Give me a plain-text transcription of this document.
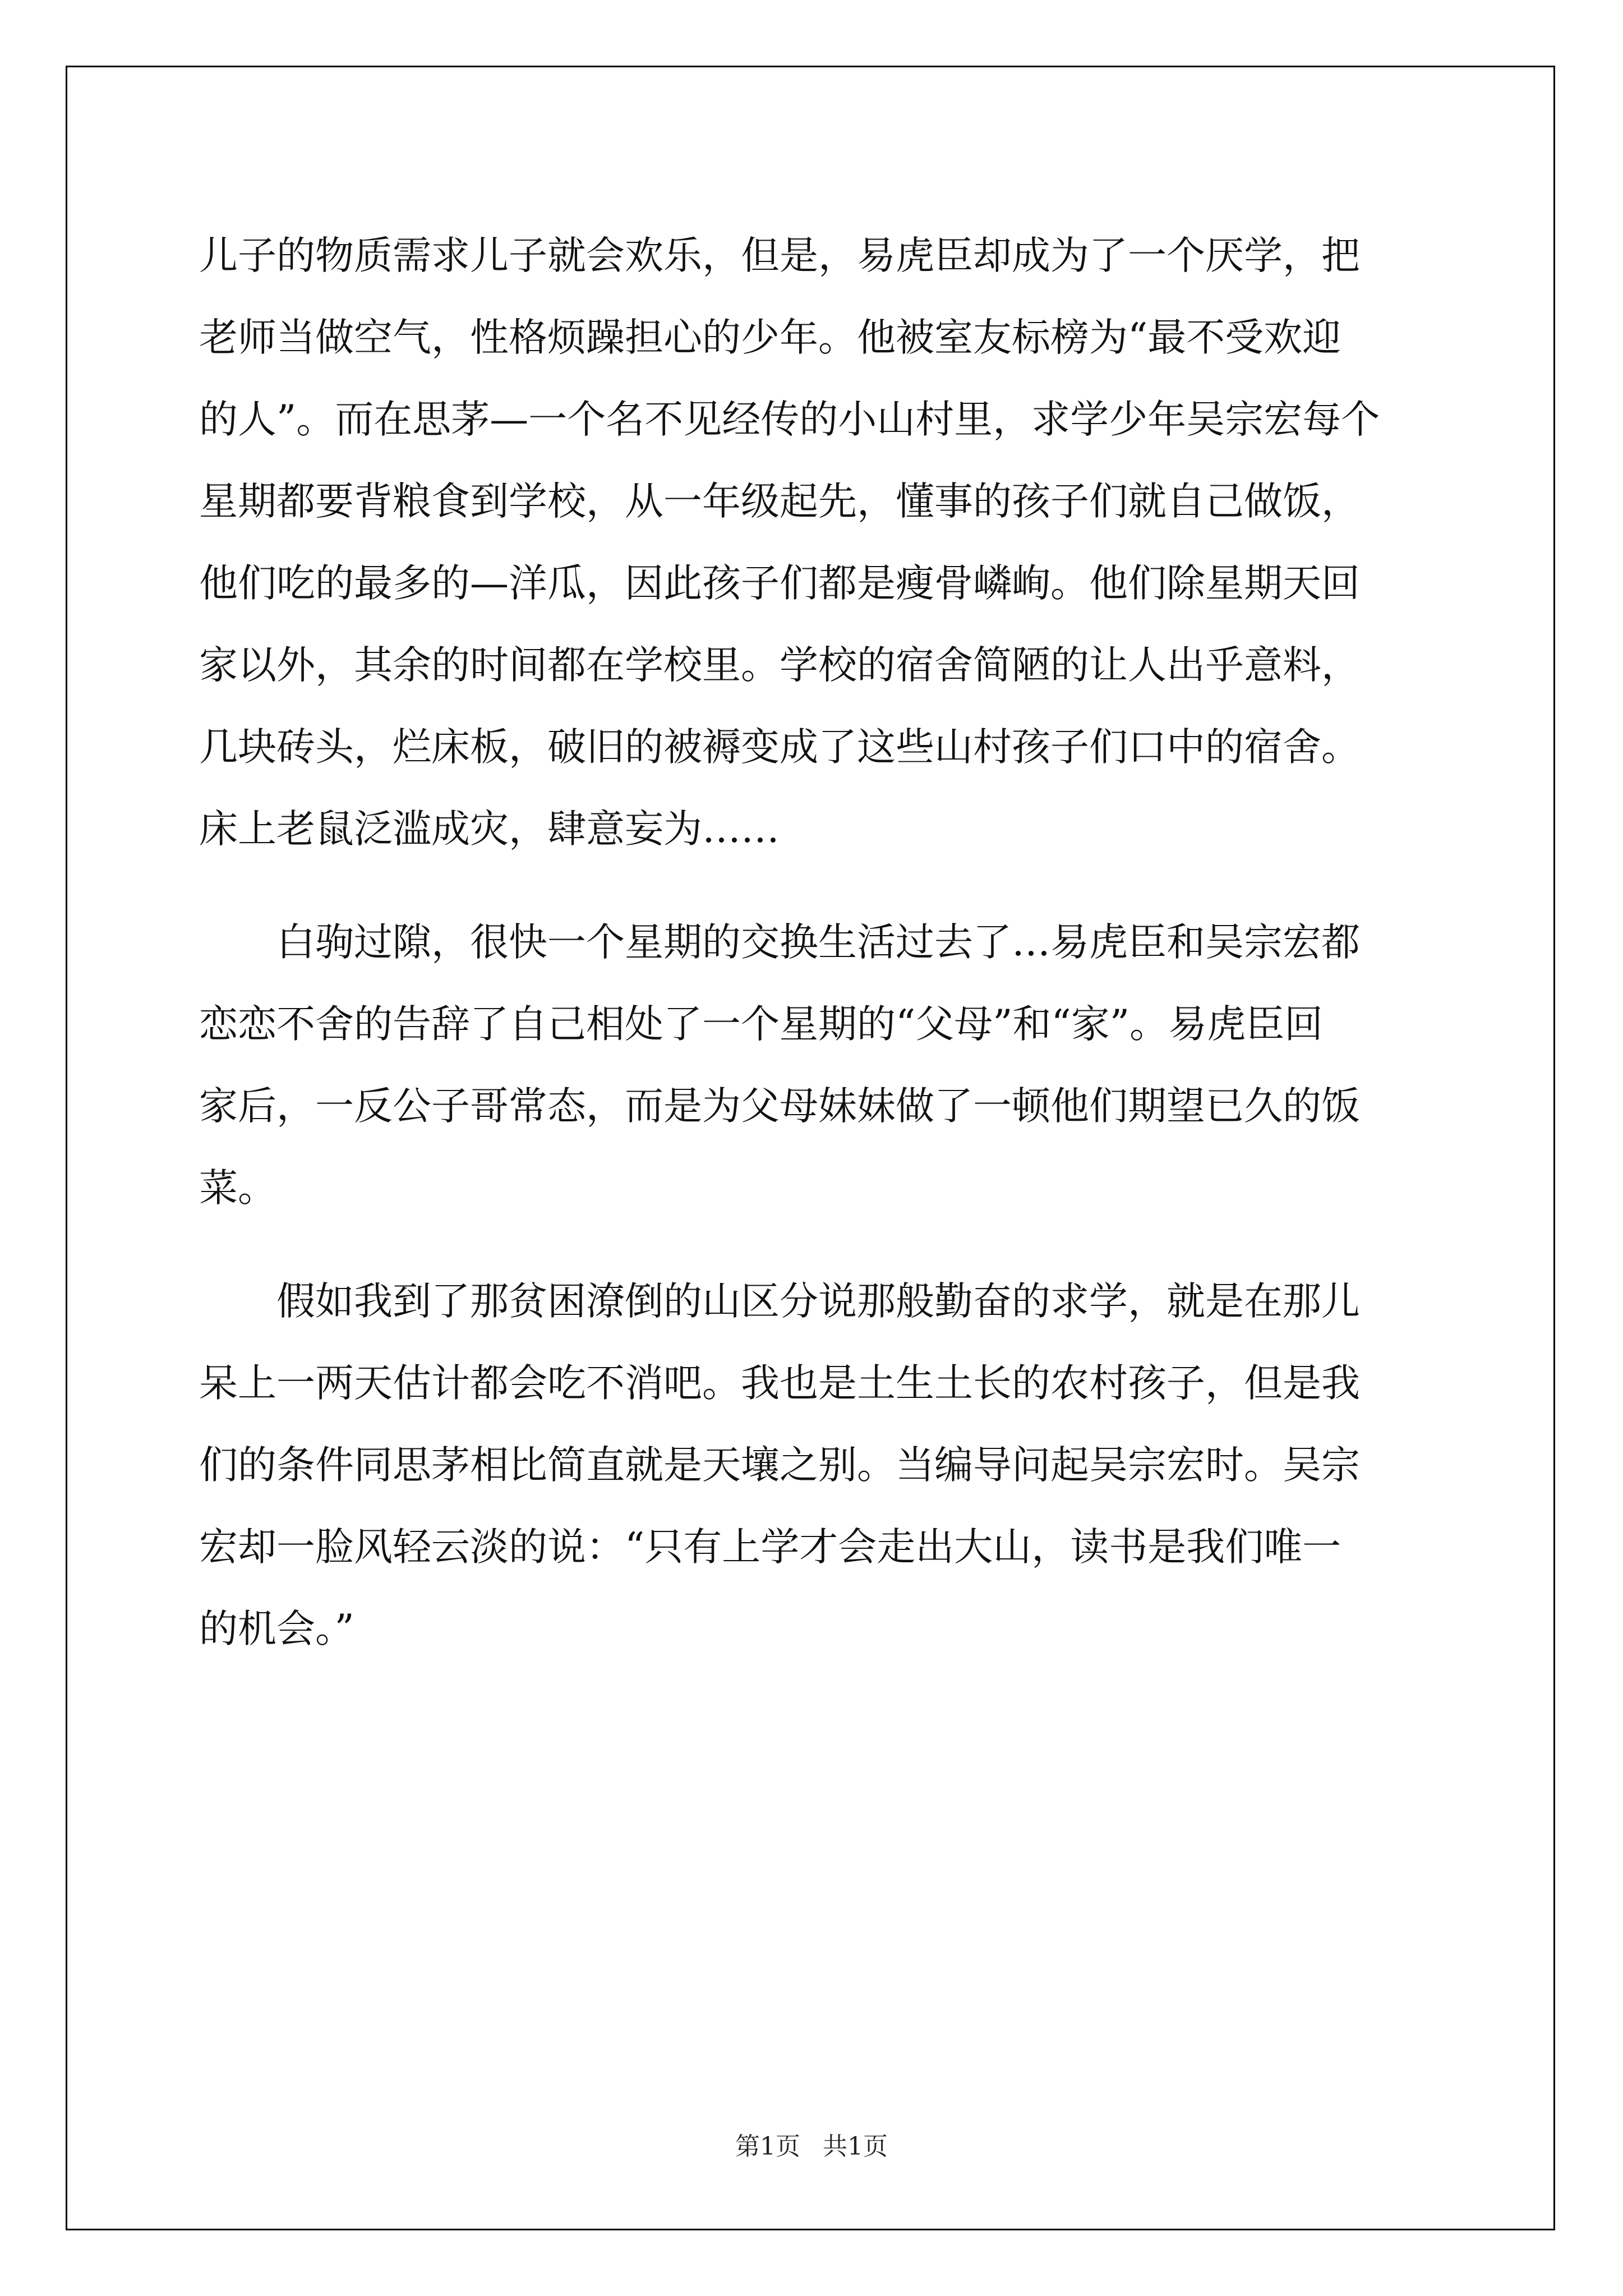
儿子的物质需求儿子就会欢乐，但是，易虎臣却成为了一个厌学，把
老师当做空气，性格烦躁担心的少年。他被室友标榜为“最不受欢迎
的人”。而在思茅—一个名不见经传的小山村里，求学少年吴宗宏每个
星期都要背粮食到学校，从一年级起先，懂事的孩子们就自己做饭，
他们吃的最多的—洋瓜，因此孩子们都是瘦骨嶙峋。他们除星期天回
家以外，其余的时间都在学校里。学校的宿舍简陋的让人出乎意料，
几块砖头，烂床板，破旧的被褥变成了这些山村孩子们口中的宿舍。
床上老鼠泛滥成灾，肆意妄为……
　　白驹过隙，很快一个星期的交换生活过去了…易虎臣和吴宗宏都
恋恋不舍的告辞了自己相处了一个星期的“父母”和“家”。易虎臣回
家后，一反公子哥常态，而是为父母妹妹做了一顿他们期望已久的饭
菜。
　　假如我到了那贫困潦倒的山区分说那般勤奋的求学，就是在那儿
呆上一两天估计都会吃不消吧。我也是土生土长的农村孩子，但是我
们的条件同思茅相比简直就是天壤之别。当编导问起吴宗宏时。吴宗
宏却一脸风轻云淡的说：“只有上学才会走出大山，读书是我们唯一
的机会。”
第1页 共1页
